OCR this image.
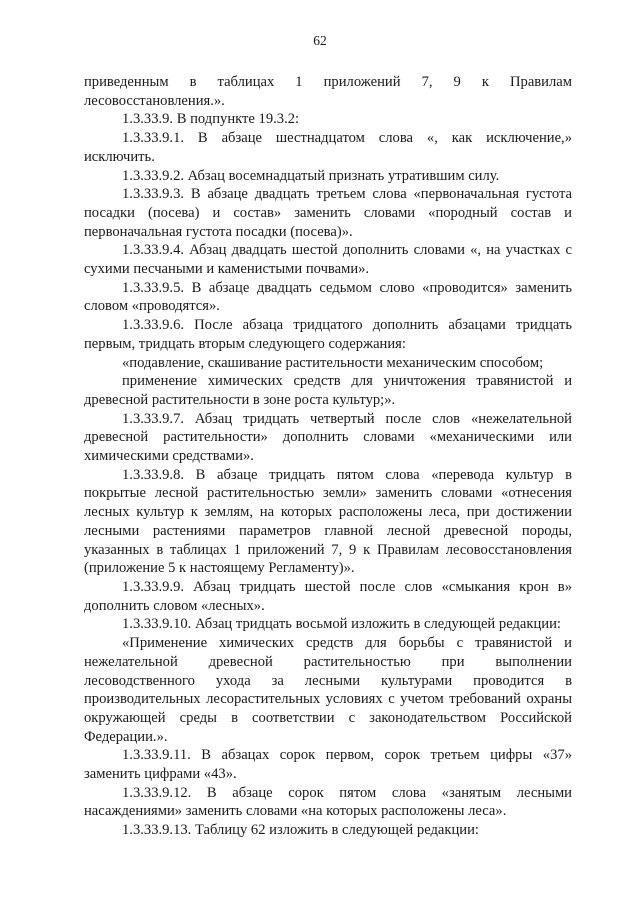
62

приведенным в таблицах 1 приложений 7, 9 к Правилам лесовосстановления.».

1.3.33.9. В подпункте 19.3.2:

1.3.33.9.1. В абзаце шестнадцатом слова «, как исключение,» исключить.

1.3.33.9.2. Абзац восемнадцатый признать утратившим силу.

1.3.33.9.3. В абзаце двадцать третьем слова «первоначальная густота посадки (посева) и состав» заменить словами «породный состав и первоначальная густота посадки (посева)».

1.3.33.9.4. Абзац двадцать шестой дополнить словами «, на участках с сухими песчаными и каменистыми почвами».

1.3.33.9.5. В абзаце двадцать седьмом слово «проводится» заменить словом «проводятся».

1.3.33.9.6. После абзаца тридцатого дополнить абзацами тридцать первым, тридцать вторым следующего содержания:

«подавление, скашивание растительности механическим способом;

применение химических средств для уничтожения травянистой и древесной растительности в зоне роста культур;».

1.3.33.9.7. Абзац тридцать четвертый после слов «нежелательной древесной растительности» дополнить словами «механическими или химическими средствами».

1.3.33.9.8. В абзаце тридцать пятом слова «перевода культур в покрытые лесной растительностью земли» заменить словами «отнесения лесных культур к землям, на которых расположены леса, при достижении лесными растениями параметров главной лесной древесной породы, указанных в таблицах 1 приложений 7, 9 к Правилам лесовосстановления (приложение 5 к настоящему Регламенту)».

1.3.33.9.9. Абзац тридцать шестой после слов «смыкания крон в» дополнить словом «лесных».

1.3.33.9.10. Абзац тридцать восьмой изложить в следующей редакции:

«Применение химических средств для борьбы с травянистой и нежелательной древесной растительностью при выполнении лесоводственного ухода за лесными культурами проводится в производительных лесорастительных условиях с учетом требований охраны окружающей среды в соответствии с законодательством Российской Федерации.».

1.3.33.9.11. В абзацах сорок первом, сорок третьем цифры «37» заменить цифрами «43».

1.3.33.9.12. В абзаце сорок пятом слова «занятым лесными насаждениями» заменить словами «на которых расположены леса».

1.3.33.9.13. Таблицу 62 изложить в следующей редакции:
